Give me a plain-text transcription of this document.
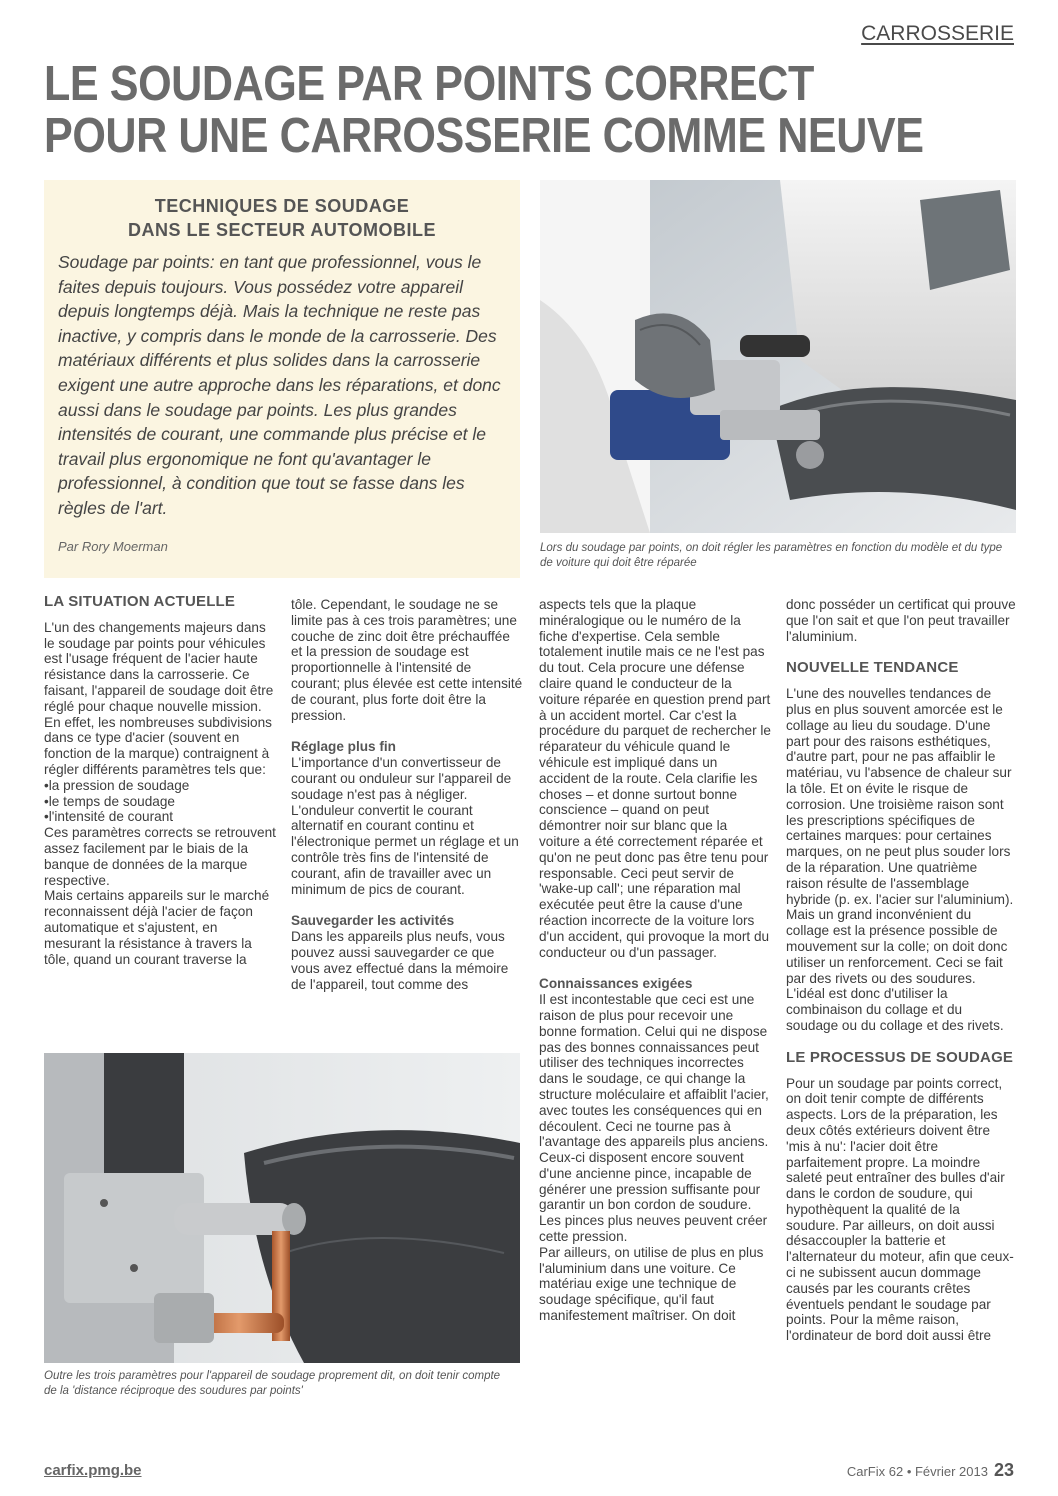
CARROSSERIE
LE SOUDAGE PAR POINTS CORRECT
POUR UNE CARROSSERIE COMME NEUVE
TECHNIQUES DE SOUDAGE
DANS LE SECTEUR AUTOMOBILE

Soudage par points: en tant que professionnel, vous le faites depuis toujours. Vous possédez votre appareil depuis longtemps déjà. Mais la technique ne reste pas inactive, y compris dans le monde de la carrosserie. Des matériaux différents et plus solides dans la carrosserie exigent une autre approche dans les réparations, et donc aussi dans le soudage par points. Les plus grandes intensités de courant, une commande plus précise et le travail plus ergonomique ne font qu'avantager le professionnel, à condition que tout se fasse dans les règles de l'art.

Par Rory Moerman	Lors du soudage par points, on doit régler les paramètres en fonction du modèle et du type de voiture qui doit être réparée

LA SITUATION ACTUELLE

L'un des changements majeurs dans le soudage par points pour véhicules est l'usage fréquent de l'acier haute résistance dans la carrosserie. Ce faisant, l'appareil de soudage doit être réglé pour chaque nouvelle mission. En effet, les nombreuses subdivisions dans ce type d'acier (souvent en fonction de la marque) contraignent à régler différents paramètres tels que:

• la pression de soudage
• le temps de soudage
• l'intensité de courant

Ces paramètres corrects se retrouvent assez facilement par le biais de la banque de données de la marque respective.

Mais certains appareils sur le marché reconnaissent déjà l'acier de façon automatique et s'ajustent, en mesurant la résistance à travers la tôle, quand un courant traverse la

tôle. Cependant, le soudage ne se limite pas à ces trois paramètres; une couche de zinc doit être préchauffée et la pression de soudage est proportionnelle à l'intensité de courant; plus élevée est cette intensité de courant, plus forte doit être la pression.

Réglage plus fin

L'importance d'un convertisseur de courant ou onduleur sur l'appareil de soudage n'est pas à négliger. L'onduleur convertit le courant alternatif en courant continu et l'électronique permet un réglage et un contrôle très fins de l'intensité de courant, afin de travailler avec un minimum de pics de courant.

Sauvegarder les activités

Dans les appareils plus neufs, vous pouvez aussi sauvegarder ce que vous avez effectué dans la mémoire de l'appareil, tout comme des

aspects tels que la plaque minéralogique ou le numéro de la fiche d'expertise. Cela semble totalement inutile mais ce ne l'est pas du tout. Cela procure une défense claire quand le conducteur de la voiture réparée en question prend part à un accident mortel. Car c'est la procédure du parquet de rechercher le réparateur du véhicule quand le véhicule est impliqué dans un accident de la route. Cela clarifie les choses – et donne surtout bonne conscience – quand on peut démontrer noir sur blanc que la voiture a été correctement réparée et qu'on ne peut donc pas être tenu pour responsable. Ceci peut servir de 'wake-up call'; une réparation mal exécutée peut être la cause d'une réaction incorrecte de la voiture lors d'un accident, qui provoque la mort du conducteur ou d'un passager.

Connaissances exigées

Il est incontestable que ceci est une raison de plus pour recevoir une bonne formation. Celui qui ne dispose pas des bonnes connaissances peut utiliser des techniques incorrectes dans le soudage, ce qui change la structure moléculaire et affaiblit l'acier, avec toutes les conséquences qui en découlent. Ceci ne tourne pas à l'avantage des appareils plus anciens. Ceux-ci disposent encore souvent d'une ancienne pince, incapable de générer une pression suffisante pour garantir un bon cordon de soudure. Les pinces plus neuves peuvent créer cette pression.

Par ailleurs, on utilise de plus en plus l'aluminium dans une voiture. Ce matériau exige une technique de soudage spécifique, qu'il faut manifestement maîtriser. On doit

donc posséder un certificat qui prouve que l'on sait et que l'on peut travailler l'aluminium.

NOUVELLE TENDANCE

L'une des nouvelles tendances de plus en plus souvent amorcée est le collage au lieu du soudage. D'une part pour des raisons esthétiques, d'autre part, pour ne pas affaiblir le matériau, vu l'absence de chaleur sur la tôle. Et on évite le risque de corrosion. Une troisième raison sont les prescriptions spécifiques de certaines marques: pour certaines marques, on ne peut plus souder lors de la réparation. Une quatrième raison résulte de l'assemblage hybride (p. ex. l'acier sur l'aluminium). Mais un grand inconvénient du collage est la présence possible de mouvement sur la colle; on doit donc utiliser un renforcement. Ceci se fait par des rivets ou des soudures. L'idéal est donc d'utiliser la combinaison du collage et du soudage ou du collage et des rivets.

LE PROCESSUS DE SOUDAGE

Pour un soudage par points correct, on doit tenir compte de différents aspects. Lors de la préparation, les deux côtés extérieurs doivent être 'mis à nu': l'acier doit être parfaitement propre. La moindre saleté peut entraîner des bulles d'air dans le cordon de soudure, qui hypothèquent la qualité de la soudure. Par ailleurs, on doit aussi désaccoupler la batterie et l'alternateur du moteur, afin que ceux-ci ne subissent aucun dommage causés par les courants crêtes éventuels pendant le soudage par points. Pour la même raison, l'ordinateur de bord doit aussi être

Outre les trois paramètres pour l'appareil de soudage proprement dit, on doit tenir compte de la 'distance réciproque des soudures par points'
carfix.pmg.be	CarFix 62 • Février 2013 23
